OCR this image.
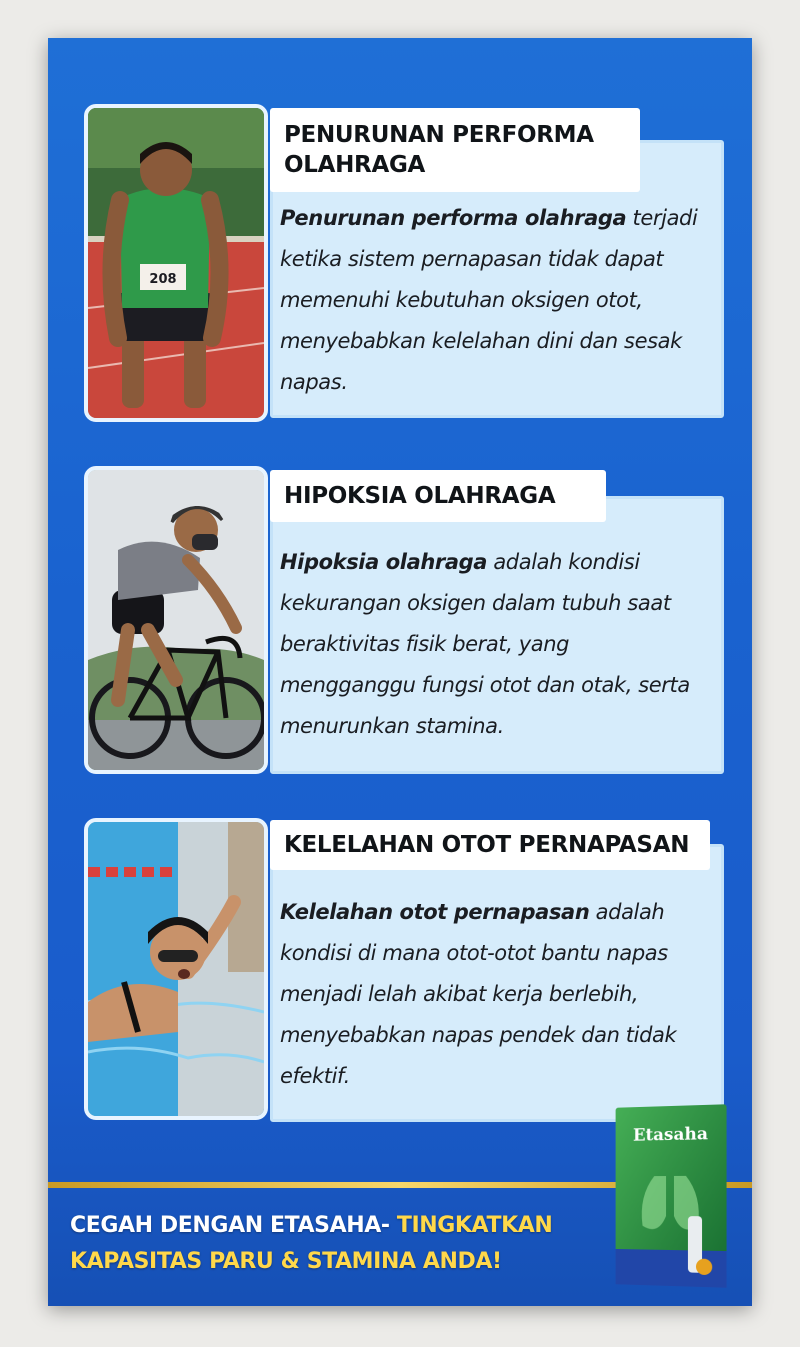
208
PENURUNAN PERFORMA
OLAHRAGA
Penurunan performa olahraga terjadi ketika sistem pernapasan tidak dapat memenuhi kebutuhan oksigen otot, menyebabkan kelelahan dini dan sesak napas.
HIPOKSIA OLAHRAGA
Hipoksia olahraga adalah kondisi kekurangan oksigen dalam tubuh saat beraktivitas fisik berat, yang mengganggu fungsi otot dan otak, serta menurunkan stamina.
KELELAHAN OTOT PERNAPASAN
Kelelahan otot pernapasan adalah kondisi di mana otot-otot bantu napas menjadi lelah akibat kerja berlebih, menyebabkan napas pendek dan tidak efektif.
CEGAH DENGAN ETASAHA- TINGKATKAN KAPASITAS PARU & STAMINA ANDA!
Etasaha
